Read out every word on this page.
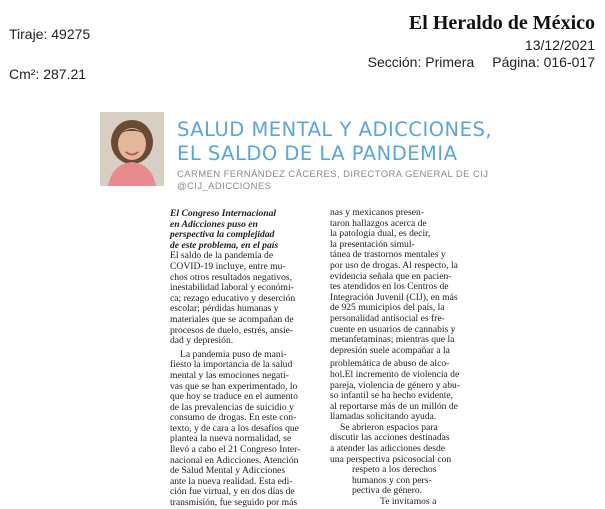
Tiraje: 49275
Cm²: 287.21
El Heraldo de México
13/12/2021
Sección: Primera Página: 016-017
SALUD MENTAL Y ADICCIONES,
EL SALDO DE LA PANDEMIA
CARMEN FERNÁNDEZ CÁCERES, DIRECTORA GENERAL DE CIJ
@CIJ_ADICCIONES
El Congreso Internacional
en Adicciones puso en
perspectiva la complejidad
de este problema, en el país
El saldo de la pandemia de
COVID-19 incluye, entre mu-
chos otros resultados negativos,
inestabilidad laboral y económi-
ca; rezago educativo y deserción
escolar; pérdidas humanas y
materiales que se acompañan de
procesos de duelo, estrés, ansie-
dad y depresión.
La pandemia puso de mani-
fiesto la importancia de la salud
mental y las emociones negati-
vas que se han experimentado, lo
que hoy se traduce en el aumento
de las prevalencias de suicidio y
consumo de drogas. En este con-
texto, y de cara a los desafíos que
plantea la nueva normalidad, se
llevó a cabo el 21 Congreso Inter-
nacional en Adicciones. Atención
de Salud Mental y Adicciones
ante la nueva realidad. Esta edi-
ción fue virtual, y en dos días de
transmisión, fue seguido por más
nas y mexicanos presen-
taron hallazgos acerca de
la patología dual, es decir,
la presentación simul-
tánea de trastornos mentales y
por uso de drogas. Al respecto, la
evidencia señala que en pacien-
tes atendidos en los Centros de
Integración Juvenil (CIJ), en más
de 925 municipios del país, la
personalidad antisocial es fre-
cuente en usuarios de cannabis y
metanfetaminas; mientras que la
depresión suele acompañar a la
problemática de abuso de alco-
hol.El incremento de violencia de
pareja, violencia de género y abu-
so infantil se ha hecho evidente,
al reportarse más de un millón de
llamadas solicitando ayuda.
Se abrieron espacios para
discutir las acciones destinadas
a atender las adicciones desde
una perspectiva psicosocial con
respeto a los derechos
humanos y con pers-
pectiva de género.
Te invitamos a
